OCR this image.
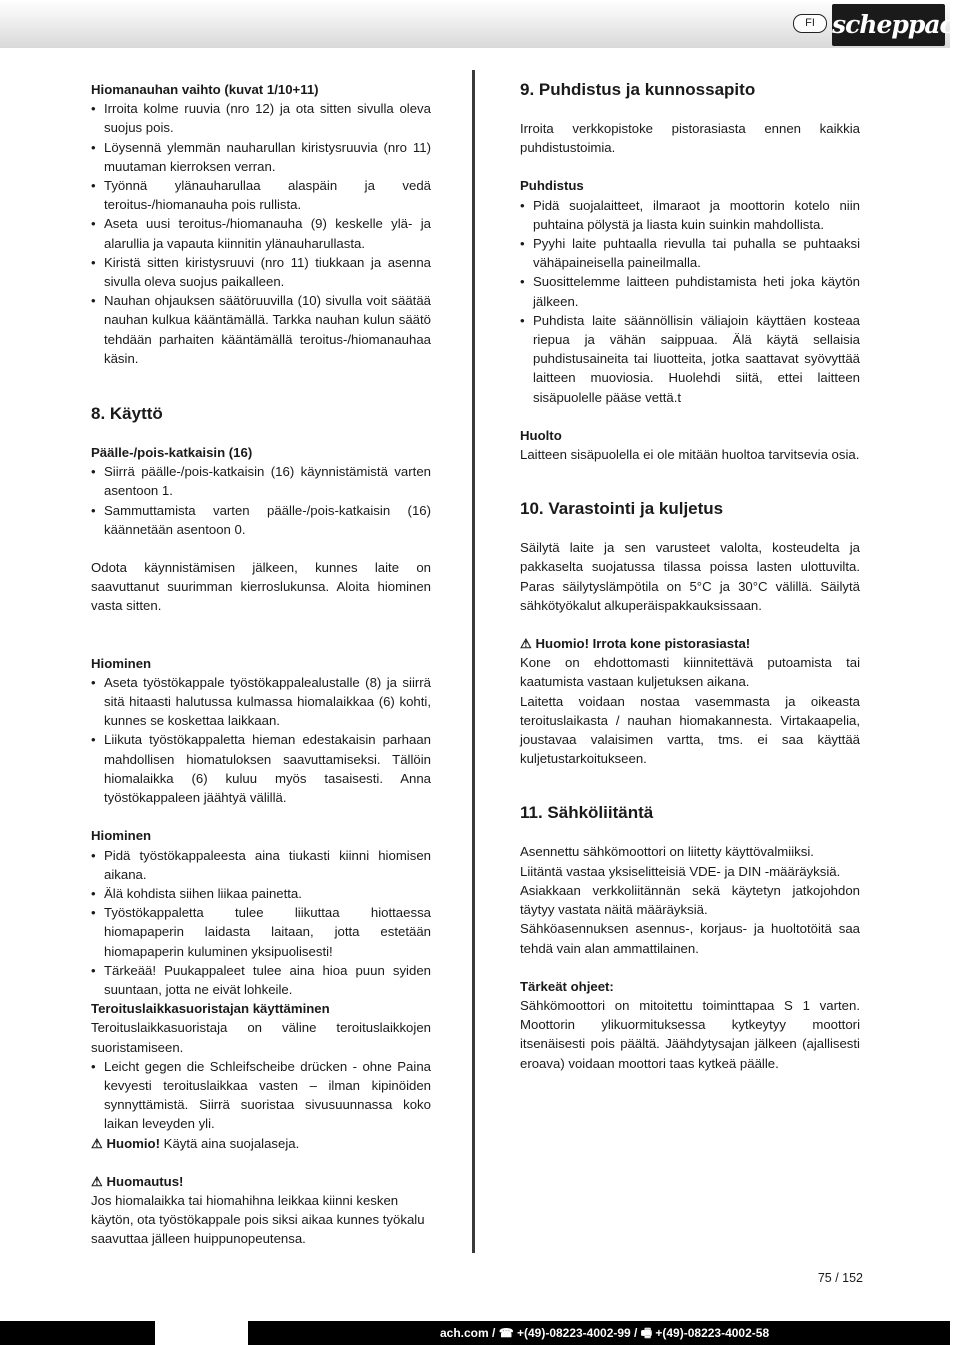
FI scheppach

Hiomanauhan vaihto (kuvat 1/10+11)

• Irroita kolme ruuvia (nro 12) ja ota sitten sivulla oleva suojus pois.
• Löysennä ylemmän nauharullan kiristysruuvia (nro 11) muutaman kierroksen verran.
• Työnnä ylänauharullaa alaspäin ja vedä teroitus-/hiomanauha pois rullista.
• Aseta uusi teroitus-/hiomanauha (9) keskelle ylä- ja alarullia ja vapauta kiinnitin ylänauharullasta.
• Kiristä sitten kiristysruuvi (nro 11) tiukkaan ja asenna sivulla oleva suojus paikalleen.
• Nauhan ohjauksen säätöruuvilla (10) sivulla voit säätää nauhan kulkua kääntämällä. Tarkka nauhan kulun säätö tehdään parhaiten kääntämällä teroitus-/hiomanauhaa käsin.
8. Käyttö

Päälle-/pois-katkaisin (16)

• Siirrä päälle-/pois-katkaisin (16) käynnistämistä varten asentoon 1.
• Sammuttamista varten päälle-/pois-katkaisin (16) käännetään asentoon 0.

Odota käynnistämisen jälkeen, kunnes laite on saavuttanut suurimman kierroslukunsa. Aloita hiominen vasta sitten.

Hiominen

• Aseta työstökappale työstökappalealustalle (8) ja siirrä sitä hitaasti halutussa kulmassa hiomalaikkaa (6) kohti, kunnes se koskettaa laikkaan.
• Liikuta työstökappaletta hieman edestakaisin parhaan mahdollisen hiomatuloksen saavuttamiseksi. Tällöin hiomalaikka (6) kuluu myös tasaisesti. Anna työstökappaleen jäähtyä välillä.

Hiominen

• Pidä työstökappaleesta aina tiukasti kiinni hiomisen aikana.
• Älä kohdista siihen liikaa painetta.
• Työstökappaletta tulee liikuttaa hiottaessa hiomapaperin laidasta laitaan, jotta estetään hiomapaperin kuluminen yksipuolisesti!
• Tärkeää! Puukappaleet tulee aina hioa puun syiden suuntaan, jotta ne eivät lohkeile.

Teroituslaikkasuoristajan käyttäminen

Teroituslaikkasuoristaja on väline teroituslaikkojen suoristamiseen.

• Leicht gegen die Schleifscheibe drücken - ohne Paina kevyesti teroituslaikkaa vasten – ilman kipinöiden synnyttämistä. Siirrä suoristaa sivusuunnassa koko laikan leveyden yli.

⚠ Huomio! Käytä aina suojalaseja.

⚠ Huomautus!

Jos hiomalaikka tai hiomahihna leikkaa kiinni kesken käytön, ota työstökappale pois siksi aikaa kunnes työkalu saavuttaa jälleen huippunopeutensa.

9. Puhdistus ja kunnossapito

Irroita verkkopistoke pistorasiasta ennen kaikkia puhdistustoimia.

Puhdistus

• Pidä suojalaitteet, ilmaraot ja moottorin kotelo niin puhtaina pölystä ja liasta kuin suinkin mahdollista.
• Pyyhi laite puhtaalla rievulla tai puhalla se puhtaaksi vähäpaineisella paineilmalla.
• Suosittelemme laitteen puhdistamista heti joka käytön jälkeen.
• Puhdista laite säännöllisin väliajoin käyttäen kosteaa riepua ja vähän saippuaa. Älä käytä sellaisia puhdistusaineita tai liuotteita, jotka saattavat syövyttää laitteen muoviosia. Huolehdi siitä, ettei laitteen sisäpuolelle pääse vettä.t

Huolto

Laitteen sisäpuolella ei ole mitään huoltoa tarvitsevia osia.

10. Varastointi ja kuljetus

Säilytä laite ja sen varusteet valolta, kosteudelta ja pakkaselta suojatussa tilassa poissa lasten ulottuvilta. Paras säilytyslämpötila on 5°C ja 30°C välillä. Säilytä sähkötyökalut alkuperäispakkauksissaan.

⚠ Huomio! Irrota kone pistorasiasta!

Kone on ehdottomasti kiinnitettävä putoamista tai kaatumista vastaan kuljetuksen aikana.

Laitetta voidaan nostaa vasemmasta ja oikeasta teroituslaikasta / nauhan hiomakannesta. Virtakaapelia, joustavaa valaisimen vartta, tms. ei saa käyttää kuljetustarkoitukseen.

11. Sähköliitäntä

Asennettu sähkömoottori on liitetty käyttövalmiiksi.

Liitäntä vastaa yksiselitteisiä VDE- ja DIN -määräyksiä.

Asiakkaan verkkoliitännän sekä käytetyn jatkojohdon täytyy vastata näitä määräyksiä.

Sähköasennuksen asennus-, korjaus- ja huoltotöitä saa tehdä vain alan ammattilainen.

Tärkeät ohjeet:

Sähkömoottori on mitoitettu toiminttapaa S 1 varten. Moottorin ylikuormituksessa kytkeytyy moottori itsenäisesti pois päältä. Jäähdytysajan jälkeen (ajallisesti eroava) voidaan moottori taas kytkeä päälle.

75 / 152
ach.com / ☎ +(49)-08223-4002-99 / 🖷 +(49)-08223-4002-58
